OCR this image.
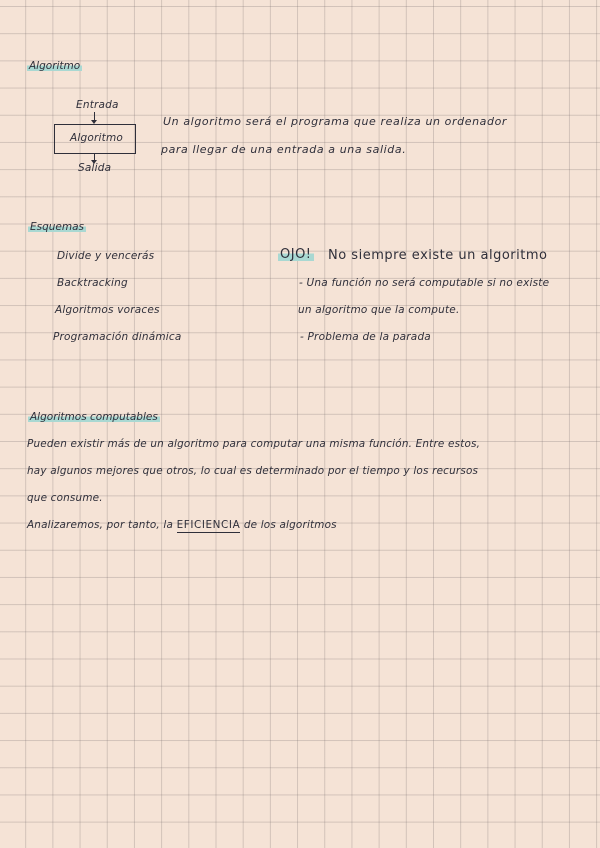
Algoritmo
Entrada
Algoritmo
Salida
Un algoritmo será el programa que realiza un ordenador
para llegar de una entrada a una salida.
Esquemas
Divide y vencerás
Backtracking
Algoritmos voraces
Programación dinámica
OJO! No siempre existe un algoritmo
- Una función no será computable si no existe
un algoritmo que la compute.
- Problema de la parada
Algoritmos computables
Pueden existir más de un algoritmo para computar una misma función. Entre estos,
hay algunos mejores que otros, lo cual es determinado por el tiempo y los recursos
que consume.
Analizaremos, por tanto, la EFICIENCIA de los algoritmos
